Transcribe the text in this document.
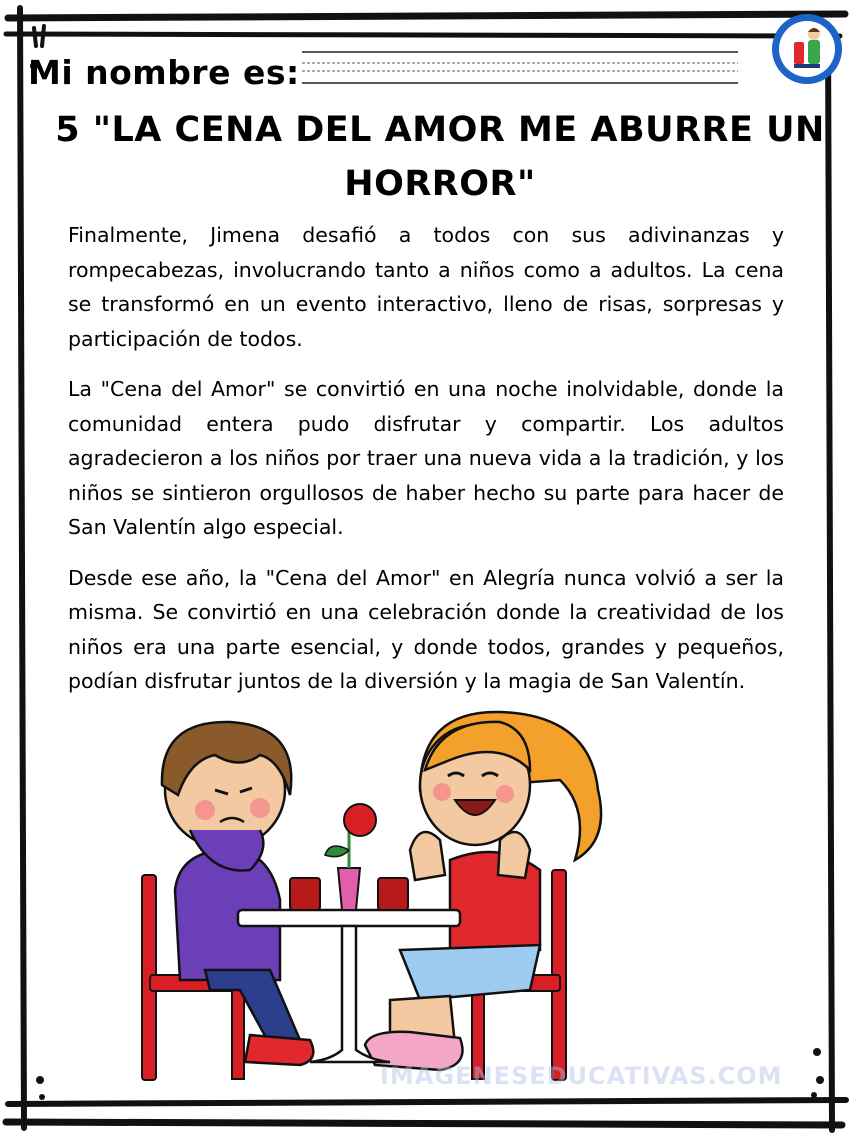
Mi nombre es:
5 "LA CENA DEL AMOR ME ABURRE UN HORROR"

Finalmente, Jimena desafió a todos con sus adivinanzas y rompecabezas, involucrando tanto a niños como a adultos. La cena se transformó en un evento interactivo, lleno de risas, sorpresas y participación de todos.

La "Cena del Amor" se convirtió en una noche inolvidable, donde la comunidad entera pudo disfrutar y compartir. Los adultos agradecieron a los niños por traer una nueva vida a la tradición, y los niños se sintieron orgullosos de haber hecho su parte para hacer de San Valentín algo especial.

Desde ese año, la "Cena del Amor" en Alegría nunca volvió a ser la misma. Se convirtió en una celebración donde la creatividad de los niños era una parte esencial, y donde todos, grandes y pequeños, podían disfrutar juntos de la diversión y la magia de San Valentín.

IMAGENESEDUCATIVAS.COM
